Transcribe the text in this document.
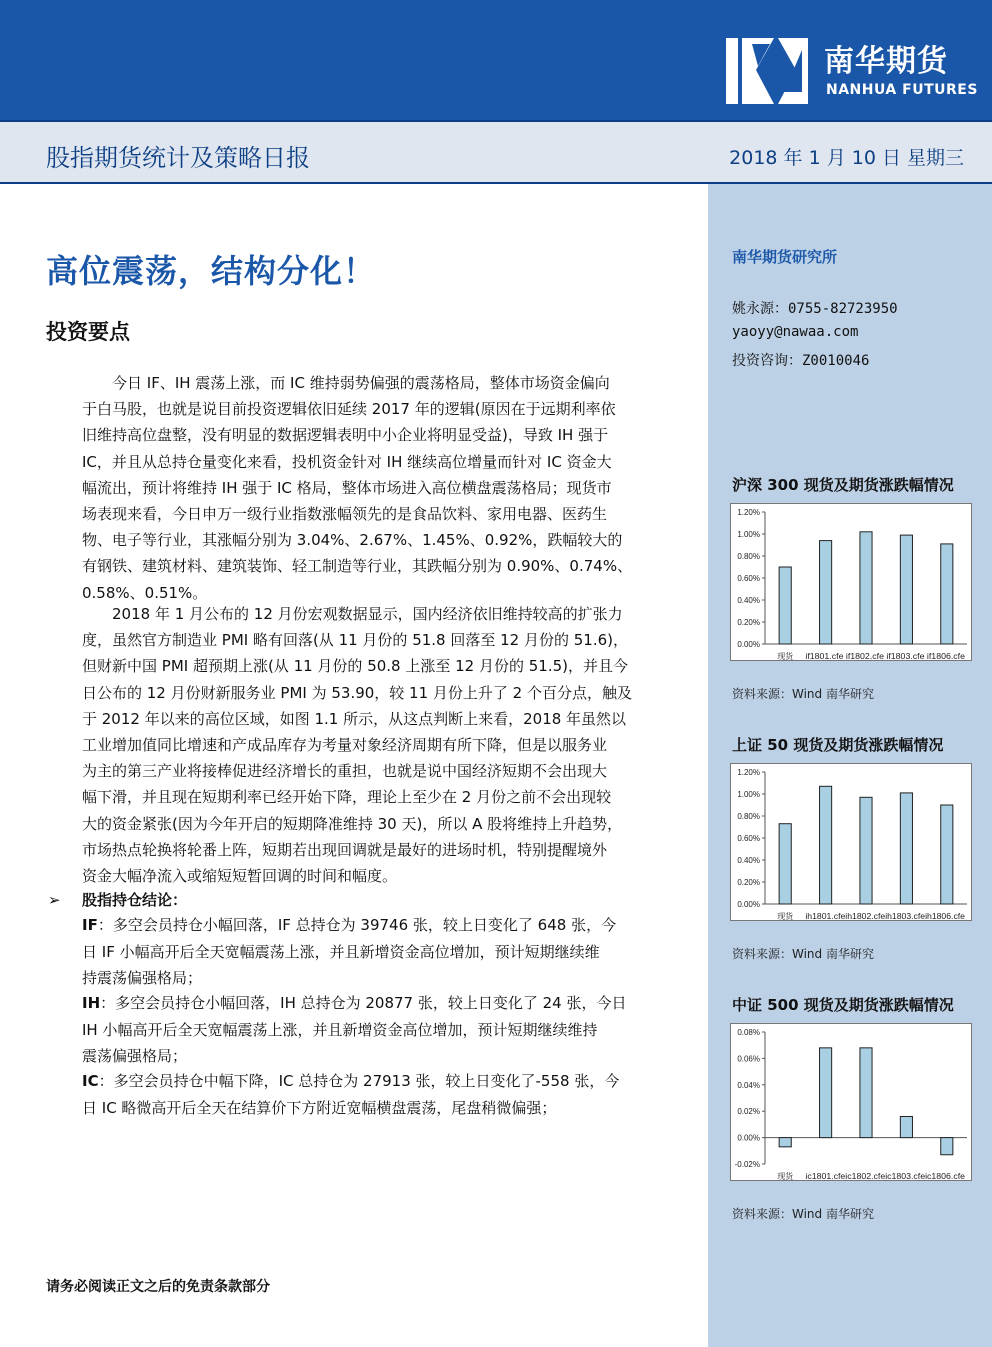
南华期货
NANHUA FUTURES
股指期货统计及策略日报	2018 年 1 月 10 日 星期三
高位震荡，结构分化！
投资要点
今日 IF、IH 震荡上涨，而 IC 维持弱势偏强的震荡格局，整体市场资金偏向
于白马股，也就是说目前投资逻辑依旧延续 2017 年的逻辑(原因在于远期利率依
旧维持高位盘整，没有明显的数据逻辑表明中小企业将明显受益)，导致 IH 强于
IC，并且从总持仓量变化来看，投机资金针对 IH 继续高位增量而针对 IC 资金大
幅流出，预计将维持 IH 强于 IC 格局，整体市场进入高位横盘震荡格局；现货市
场表现来看，今日申万一级行业指数涨幅领先的是食品饮料、家用电器、医药生
物、电子等行业，其涨幅分别为 3.04%、2.67%、1.45%、0.92%，跌幅较大的
有钢铁、建筑材料、建筑装饰、轻工制造等行业，其跌幅分别为 0.90%、0.74%、
0.58%、0.51%。
2018 年 1 月公布的 12 月份宏观数据显示，国内经济依旧维持较高的扩张力
度，虽然官方制造业 PMI 略有回落(从 11 月份的 51.8 回落至 12 月份的 51.6)，
但财新中国 PMI 超预期上涨(从 11 月份的 50.8 上涨至 12 月份的 51.5)，并且今
日公布的 12 月份财新服务业 PMI 为 53.90，较 11 月份上升了 2 个百分点，触及
于 2012 年以来的高位区域，如图 1.1 所示，从这点判断上来看，2018 年虽然以
工业增加值同比增速和产成品库存为考量对象经济周期有所下降，但是以服务业
为主的第三产业将接棒促进经济增长的重担，也就是说中国经济短期不会出现大
幅下滑，并且现在短期利率已经开始下降，理论上至少在 2 月份之前不会出现较
大的资金紧张(因为今年开启的短期降准维持 30 天)，所以 A 股将维持上升趋势，
市场热点轮换将轮番上阵，短期若出现回调就是最好的进场时机，特别提醒境外
资金大幅净流入或缩短短暂回调的时间和幅度。
➢ 股指持仓结论：
IF：多空会员持仓小幅回落，IF 总持仓为 39746 张，较上日变化了 648 张，今
日 IF 小幅高开后全天宽幅震荡上涨，并且新增资金高位增加，预计短期继续维
持震荡偏强格局；
IH：多空会员持仓小幅回落，IH 总持仓为 20877 张，较上日变化了 24 张，今日
IH 小幅高开后全天宽幅震荡上涨，并且新增资金高位增加，预计短期继续维持
震荡偏强格局；
IC：多空会员持仓中幅下降，IC 总持仓为 27913 张，较上日变化了-558 张，今
日 IC 略微高开后全天在结算价下方附近宽幅横盘震荡，尾盘稍微偏强；
请务必阅读正文之后的免责条款部分
南华期货研究所
姚永源：0755-82723950
yaoyy@nawaa.com
投资咨询：Z0010046
沪深 300 现货及期货涨跌幅情况
1.20%
1.00%
0.80%
0.60%
0.40%
0.20%
0.00%
现货 if1801.cfe if1802.cfe if1803.cfe if1806.cfe
资料来源：Wind 南华研究
上证 50 现货及期货涨跌幅情况
1.20%
1.00%
0.80%
0.60%
0.40%
0.20%
0.00%
现货 ih1801.cfeih1802.cfeih1803.cfeih1806.cfe
资料来源：Wind 南华研究
中证 500 现货及期货涨跌幅情况
0.08%
0.06%
0.04%
0.02%
0.00%
-0.02%
现货 ic1801.cfeic1802.cfeic1803.cfeic1806.cfe
资料来源：Wind 南华研究
